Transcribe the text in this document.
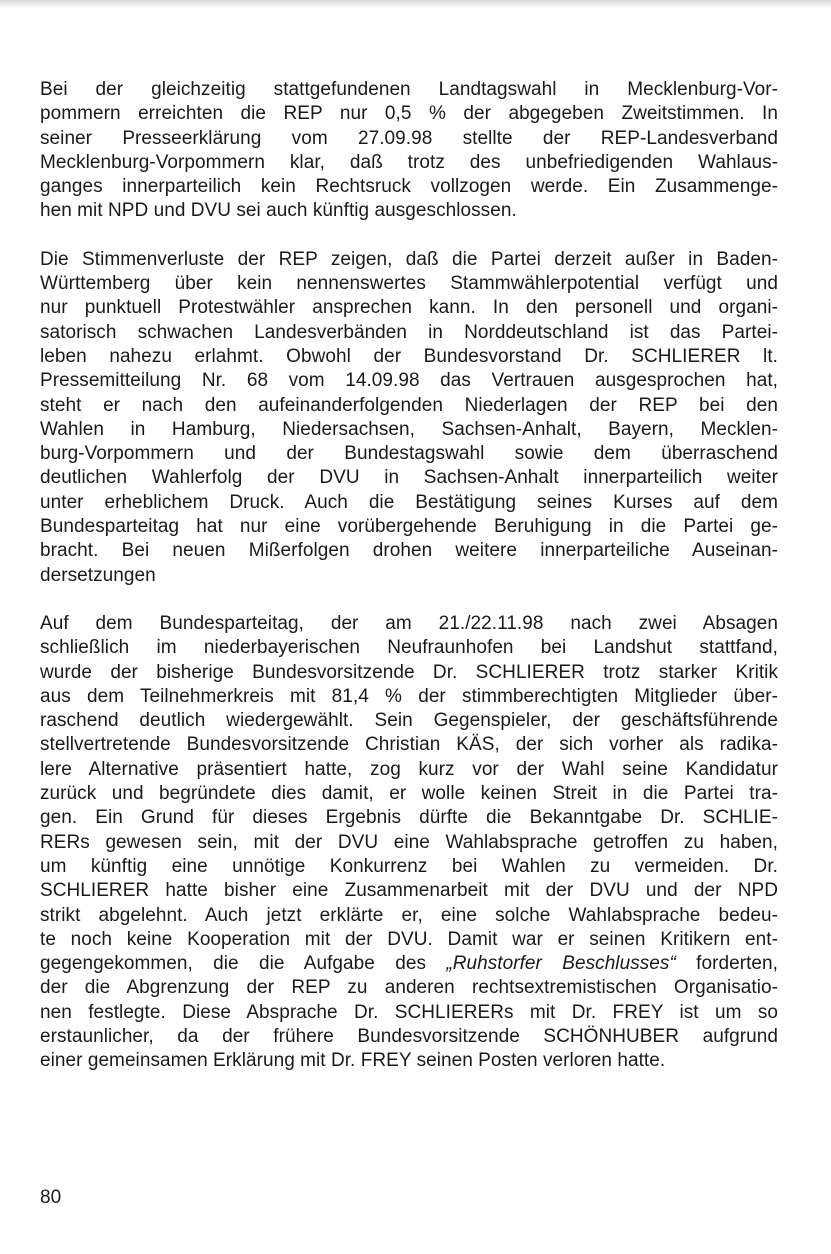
Bei der gleichzeitig stattgefundenen Landtagswahl in Mecklenburg-Vor-
pommern erreichten die REP nur 0,5 % der abgegeben Zweitstimmen. In
seiner Presseerklärung vom 27.09.98 stellte der REP-Landesverband
Mecklenburg-Vorpommern klar, daß trotz des unbefriedigenden Wahlaus-
ganges innerparteilich kein Rechtsruck vollzogen werde. Ein Zusammenge-
hen mit NPD und DVU sei auch künftig ausgeschlossen.

Die Stimmenverluste der REP zeigen, daß die Partei derzeit außer in Baden-
Württemberg über kein nennenswertes Stammwählerpotential verfügt und
nur punktuell Protestwähler ansprechen kann. In den personell und organi-
satorisch schwachen Landesverbänden in Norddeutschland ist das Partei-
leben nahezu erlahmt. Obwohl der Bundesvorstand Dr. SCHLIERER lt.
Pressemitteilung Nr. 68 vom 14.09.98 das Vertrauen ausgesprochen hat,
steht er nach den aufeinanderfolgenden Niederlagen der REP bei den
Wahlen in Hamburg, Niedersachsen, Sachsen-Anhalt, Bayern, Mecklen-
burg-Vorpommern und der Bundestagswahl sowie dem überraschend
deutlichen Wahlerfolg der DVU in Sachsen-Anhalt innerparteilich weiter
unter erheblichem Druck. Auch die Bestätigung seines Kurses auf dem
Bundesparteitag hat nur eine vorübergehende Beruhigung in die Partei ge-
bracht. Bei neuen Mißerfolgen drohen weitere innerparteiliche Auseinan-
dersetzungen

Auf dem Bundesparteitag, der am 21./22.11.98 nach zwei Absagen
schließlich im niederbayerischen Neufraunhofen bei Landshut stattfand,
wurde der bisherige Bundesvorsitzende Dr. SCHLIERER trotz starker Kritik
aus dem Teilnehmerkreis mit 81,4 % der stimmberechtigten Mitglieder über-
raschend deutlich wiedergewählt. Sein Gegenspieler, der geschäftsführende
stellvertretende Bundesvorsitzende Christian KÄS, der sich vorher als radika-
lere Alternative präsentiert hatte, zog kurz vor der Wahl seine Kandidatur
zurück und begründete dies damit, er wolle keinen Streit in die Partei tra-
gen. Ein Grund für dieses Ergebnis dürfte die Bekanntgabe Dr. SCHLIE-
RERs gewesen sein, mit der DVU eine Wahlabsprache getroffen zu haben,
um künftig eine unnötige Konkurrenz bei Wahlen zu vermeiden. Dr.
SCHLIERER hatte bisher eine Zusammenarbeit mit der DVU und der NPD
strikt abgelehnt. Auch jetzt erklärte er, eine solche Wahlabsprache bedeu-
te noch keine Kooperation mit der DVU. Damit war er seinen Kritikern ent-
gegengekommen, die die Aufgabe des „Ruhstorfer Beschlusses“ forderten,
der die Abgrenzung der REP zu anderen rechtsextremistischen Organisatio-
nen festlegte. Diese Absprache Dr. SCHLIERERs mit Dr. FREY ist um so
erstaunlicher, da der frühere Bundesvorsitzende SCHÖNHUBER aufgrund
einer gemeinsamen Erklärung mit Dr. FREY seinen Posten verloren hatte.

80
